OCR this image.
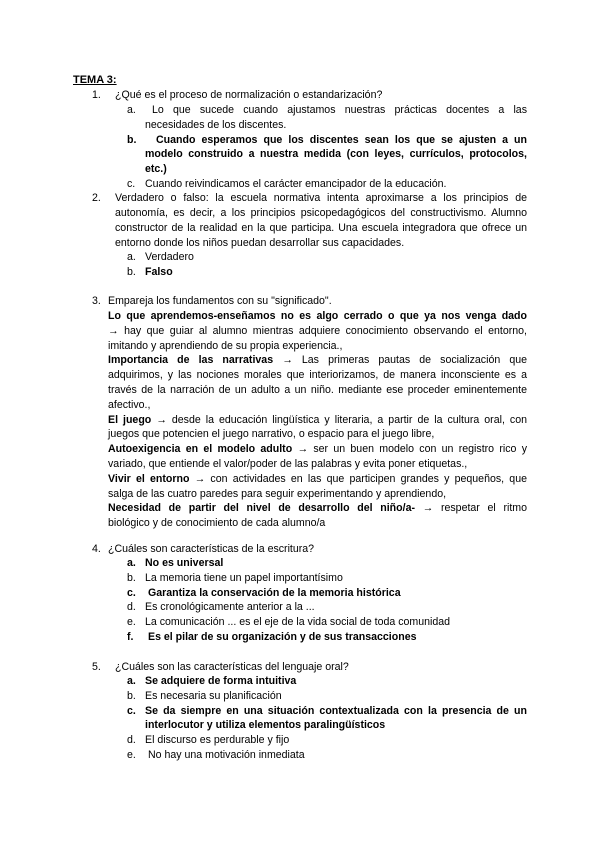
TEMA 3:
1. ¿Qué es el proceso de normalización o estandarización?
a. Lo que sucede cuando ajustamos nuestras prácticas docentes a las
necesidades de los discentes.
b. Cuando esperamos que los discentes sean los que se ajusten a un
modelo construido a nuestra medida (con leyes, currículos, protocolos,
etc.)
c. Cuando reivindicamos el carácter emancipador de la educación.
2. Verdadero o falso: la escuela normativa intenta aproximarse a los principios de
autonomía, es decir, a los principios psicopedagógicos del constructivismo. Alumno
constructor de la realidad en la que participa. Una escuela integradora que ofrece un
entorno donde los niños puedan desarrollar sus capacidades.
a. Verdadero
b. Falso
3. Empareja los fundamentos con su "significado".
Lo que aprendemos-enseñamos no es algo cerrado o que ya nos venga dado
→ hay que guiar al alumno mientras adquiere conocimiento observando el entorno,
imitando y aprendiendo de su propia experiencia.,
Importancia de las narrativas → Las primeras pautas de socialización que
adquirimos, y las nociones morales que interiorizamos, de manera inconsciente es a
través de la narración de un adulto a un niño. mediante ese proceder eminentemente
afectivo.,
El juego → desde la educación lingüística y literaria, a partir de la cultura oral, con
juegos que potencien el juego narrativo, o espacio para el juego libre,
Autoexigencia en el modelo adulto → ser un buen modelo con un registro rico y
variado, que entiende el valor/poder de las palabras y evita poner etiquetas.,
Vivir el entorno → con actividades en las que participen grandes y pequeños, que
salga de las cuatro paredes para seguir experimentando y aprendiendo,
Necesidad de partir del nivel de desarrollo del niño/a- → respetar el ritmo
biológico y de conocimiento de cada alumno/a
4. ¿Cuáles son características de la escritura?
a. No es universal
b. La memoria tiene un papel importantísimo
c. Garantiza la conservación de la memoria histórica
d. Es cronológicamente anterior a la ...
e. La comunicación ... es el eje de la vida social de toda comunidad
f. Es el pilar de su organización y de sus transacciones
5. ¿Cuáles son las características del lenguaje oral?
a. Se adquiere de forma intuitiva
b. Es necesaria su planificación
c. Se da siempre en una situación contextualizada con la presencia de un
interlocutor y utiliza elementos paralingüísticos
d. El discurso es perdurable y fijo
e. No hay una motivación inmediata
